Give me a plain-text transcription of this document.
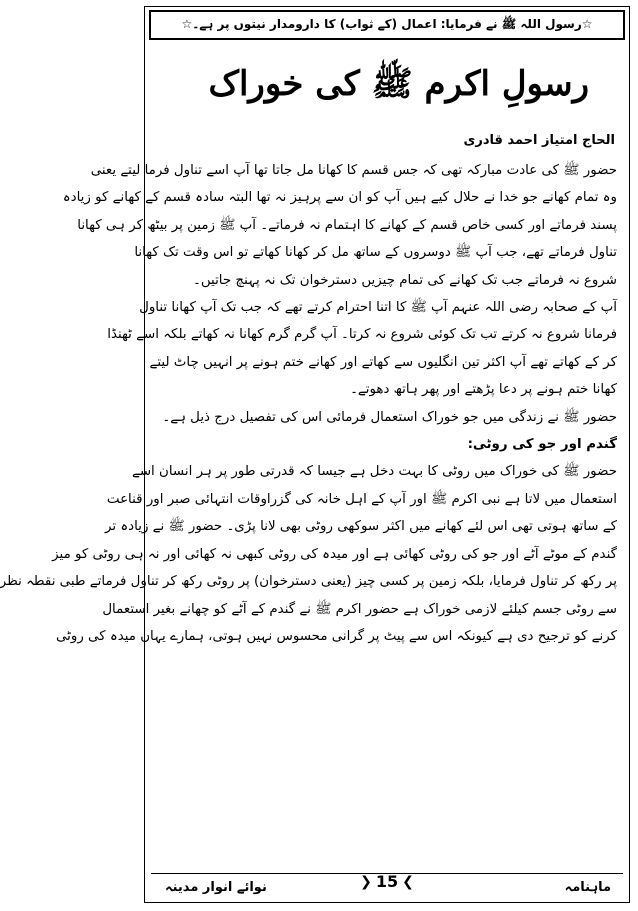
☆رسول اللہ ﷺ نے فرمایا: اعمال (کے ثواب) کا دارومدار نیتوں پر ہے۔☆
رسولِ اکرم ﷺ کی خوراک
الحاج امتیاز احمد قادری

حضور ﷺ کی عادت مبارکہ تھی کہ جس قسم کا کھانا مل جاتا تھا آپ اسے تناول فرما لیتے یعنی
وہ تمام کھانے جو خدا نے حلال کیے ہیں آپ کو ان سے پرہیز نہ تھا البتہ سادہ قسم کے کھانے کو زیادہ
پسند فرماتے اور کسی خاص قسم کے کھانے کا اہتمام نہ فرماتے۔ آپ ﷺ زمین پر بیٹھ کر ہی کھانا
تناول فرماتے تھے، جب آپ ﷺ دوسروں کے ساتھ مل کر کھانا کھاتے تو اس وقت تک کھانا
شروع نہ فرماتے جب تک کھانے کی تمام چیزیں دسترخوان تک نہ پہنچ جاتیں۔

آپ کے صحابہ رضی اللہ عنہم آپ ﷺ کا اتنا احترام کرتے تھے کہ جب تک آپ کھانا تناول
فرمانا شروع نہ کرتے تب تک کوئی شروع نہ کرتا۔ آپ گرم گرم کھانا نہ کھاتے بلکہ اسے ٹھنڈا
کر کے کھاتے تھے آپ اکثر تین انگلیوں سے کھاتے اور کھانے ختم ہونے پر انہیں چاٹ لیتے
کھانا ختم ہونے پر دعا پڑھتے اور پھر ہاتھ دھوتے۔

حضور ﷺ نے زندگی میں جو خوراک استعمال فرمائی اس کی تفصیل درج ذیل ہے۔

گندم اور جو کی روٹی:

حضور ﷺ کی خوراک میں روٹی کا بہت دخل ہے جیسا کہ قدرتی طور پر ہر انسان اسے
استعمال میں لاتا ہے نبی اکرم ﷺ اور آپ کے اہل خانہ کی گزراوقات انتہائی صبر اور قناعت
کے ساتھ ہوتی تھی اس لئے کھانے میں اکثر سوکھی روٹی بھی لانا پڑی۔ حضور ﷺ نے زیادہ تر
گندم کے موٹے آٹے اور جو کی روٹی کھائی ہے اور میدہ کی روٹی کبھی نہ کھائی اور نہ ہی روٹی کو میز
پر رکھ کر تناول فرمایا، بلکہ زمین پر کسی چیز (یعنی دسترخوان) پر روٹی رکھ کر تناول فرماتے طبی نقطہ نظر
سے روٹی جسم کیلئے لازمی خوراک ہے حضور اکرم ﷺ نے گندم کے آٹے کو چھانے بغیر استعمال
کرنے کو ترجیح دی ہے کیونکہ اس سے پیٹ پر گرانی محسوس نہیں ہوتی، ہمارے یہاں میدہ کی روٹی

ماہنامہ
❯
15
❮
نوائے انوار مدینہ
